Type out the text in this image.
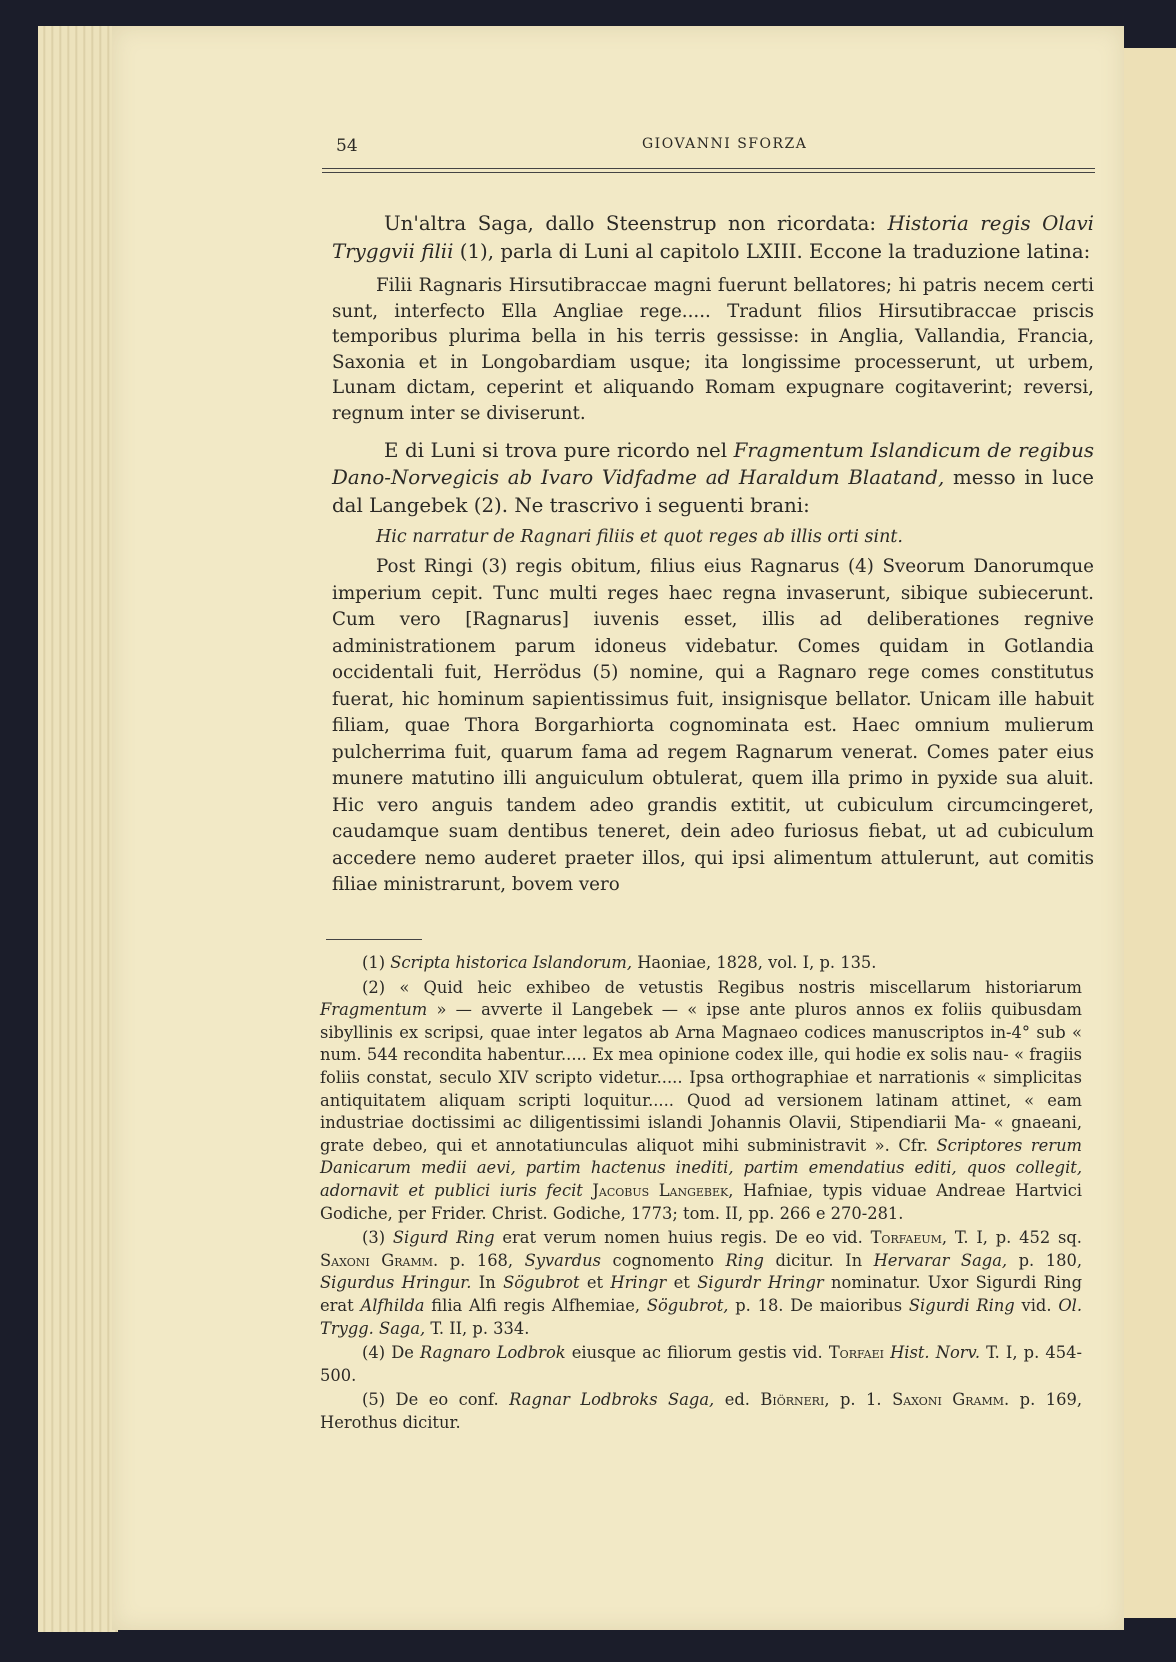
54	GIOVANNI SFORZA

Un'altra Saga, dallo Steenstrup non ricordata: Historia regis Olavi Tryggvii filii (1), parla di Luni al capitolo LXIII. Eccone la traduzione latina:

Filii Ragnaris Hirsutibraccae magni fuerunt bellatores; hi patris necem certi sunt, interfecto Ella Angliae rege..... Tradunt filios Hirsutibraccae priscis temporibus plurima bella in his terris gessisse: in Anglia, Vallandia, Francia, Saxonia et in Longobardiam usque; ita longissime processerunt, ut urbem, Lunam dictam, ceperint et aliquando Romam expugnare cogitaverint; reversi, regnum inter se diviserunt.

E di Luni si trova pure ricordo nel Fragmentum Islandicum de regibus Dano-Norvegicis ab Ivaro Vidfadme ad Haraldum Blaatand, messo in luce dal Langebek (2). Ne trascrivo i seguenti brani:

Hic narratur de Ragnari filiis et quot reges ab illis orti sint.

Post Ringi (3) regis obitum, filius eius Ragnarus (4) Sveorum Danorumque imperium cepit. Tunc multi reges haec regna invaserunt, sibique subiecerunt. Cum vero [Ragnarus] iuvenis esset, illis ad deliberationes regnive administrationem parum idoneus videbatur. Comes quidam in Gotlandia occidentali fuit, Herrödus (5) nomine, qui a Ragnaro rege comes constitutus fuerat, hic hominum sapientissimus fuit, insignisque bellator. Unicam ille habuit filiam, quae Thora Borgarhiorta cognominata est. Haec omnium mulierum pulcherrima fuit, quarum fama ad regem Ragnarum venerat. Comes pater eius munere matutino illi anguiculum obtulerat, quem illa primo in pyxide sua aluit. Hic vero anguis tandem adeo grandis extitit, ut cubiculum circumcingeret, caudamque suam dentibus teneret, dein adeo furiosus fiebat, ut ad cubiculum accedere nemo auderet praeter illos, qui ipsi alimentum attulerunt, aut comitis filiae ministrarunt, bovem vero

(1) Scripta historica Islandorum, Haoniae, 1828, vol. I, p. 135.

(2) « Quid heic exhibeo de vetustis Regibus nostris miscellarum historiarum Fragmentum » — avverte il Langebek — « ipse ante pluros annos ex foliis quibusdam sibyllinis ex scripsi, quae inter legatos ab Arna Magnaeo codices manuscriptos in-4° sub « num. 544 recondita habentur..... Ex mea opinione codex ille, qui hodie ex solis nau- « fragiis foliis constat, seculo XIV scripto videtur..... Ipsa orthographiae et narrationis « simplicitas antiquitatem aliquam scripti loquitur..... Quod ad versionem latinam attinet, « eam industriae doctissimi ac diligentissimi islandi Johannis Olavii, Stipendiarii Ma- « gnaeani, grate debeo, qui et annotatiunculas aliquot mihi subministravit ». Cfr. Scriptores rerum Danicarum medii aevi, partim hactenus inediti, partim emendatius editi, quos collegit, adornavit et publici iuris fecit Jacobus Langebek, Hafniae, typis viduae Andreae Hartvici Godiche, per Frider. Christ. Godiche, 1773; tom. II, pp. 266 e 270-281.

(3) Sigurd Ring erat verum nomen huius regis. De eo vid. Torfaeum, T. I, p. 452 sq. Saxoni Gramm. p. 168, Syvardus cognomento Ring dicitur. In Hervarar Saga, p. 180, Sigurdus Hringur. In Sögubrot et Hringr et Sigurdr Hringr nominatur. Uxor Sigurdi Ring erat Alfhilda filia Alfi regis Alfhemiae, Sögubrot, p. 18. De maioribus Sigurdi Ring vid. Ol. Trygg. Saga, T. II, p. 334.

(4) De Ragnaro Lodbrok eiusque ac filiorum gestis vid. Torfaei Hist. Norv. T. I, p. 454-500.

(5) De eo conf. Ragnar Lodbroks Saga, ed. Biörneri, p. 1. Saxoni Gramm. p. 169, Herothus dicitur.
